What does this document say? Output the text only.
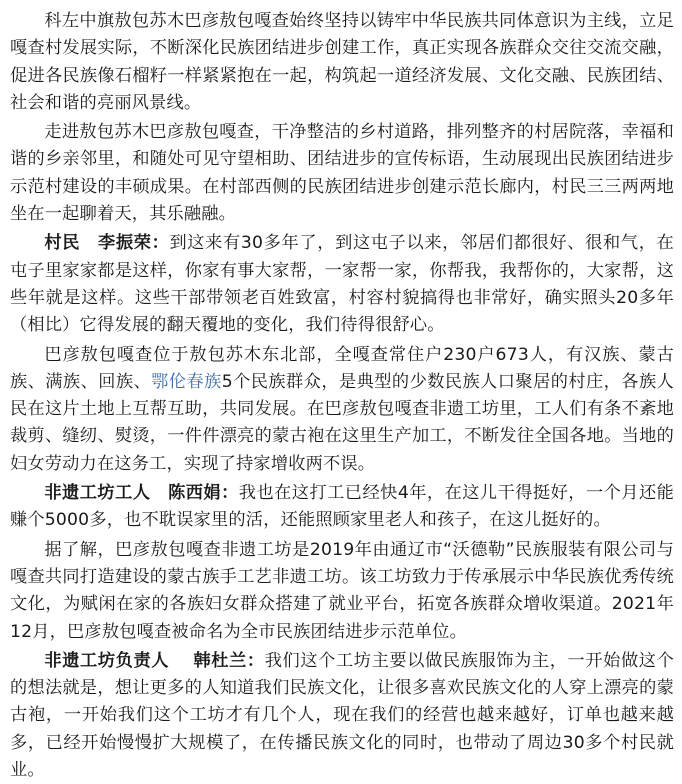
科左中旗敖包苏木巴彦敖包嘎查始终坚持以铸牢中华民族共同体意识为主线，立足嘎查村发展实际，不断深化民族团结进步创建工作，真正实现各族群众交往交流交融，促进各民族像石榴籽一样紧紧抱在一起，构筑起一道经济发展、文化交融、民族团结、社会和谐的亮丽风景线。

走进敖包苏木巴彦敖包嘎查，干净整洁的乡村道路，排列整齐的村居院落，幸福和谐的乡亲邻里，和随处可见守望相助、团结进步的宣传标语，生动展现出民族团结进步示范村建设的丰硕成果。在村部西侧的民族团结进步创建示范长廊内，村民三三两两地坐在一起聊着天，其乐融融。

村民　李振荣：到这来有30多年了，到这屯子以来，邻居们都很好、很和气，在屯子里家家都是这样，你家有事大家帮，一家帮一家，你帮我，我帮你的，大家帮，这些年就是这样。这些干部带领老百姓致富，村容村貌搞得也非常好，确实照头20多年（相比）它得发展的翻天覆地的变化，我们待得很舒心。

巴彦敖包嘎查位于敖包苏木东北部，全嘎查常住户230户673人，有汉族、蒙古族、满族、回族、鄂伦春族5个民族群众，是典型的少数民族人口聚居的村庄，各族人民在这片土地上互帮互助，共同发展。在巴彦敖包嘎查非遗工坊里，工人们有条不紊地裁剪、缝纫、熨烫，一件件漂亮的蒙古袍在这里生产加工，不断发往全国各地。当地的妇女劳动力在这务工，实现了持家增收两不误。

非遗工坊工人　陈西娟：我也在这打工已经快4年，在这儿干得挺好，一个月还能赚个5000多，也不耽误家里的活，还能照顾家里老人和孩子，在这儿挺好的。

据了解，巴彦敖包嘎查非遗工坊是2019年由通辽市“沃德勒”民族服装有限公司与嘎查共同打造建设的蒙古族手工艺非遗工坊。该工坊致力于传承展示中华民族优秀传统文化，为赋闲在家的各族妇女群众搭建了就业平台，拓宽各族群众增收渠道。2021年12月，巴彦敖包嘎查被命名为全市民族团结进步示范单位。

非遗工坊负责人　 韩杜兰：我们这个工坊主要以做民族服饰为主，一开始做这个的想法就是，想让更多的人知道我们民族文化，让很多喜欢民族文化的人穿上漂亮的蒙古袍，一开始我们这个工坊才有几个人，现在我们的经营也越来越好，订单也越来越多，已经开始慢慢扩大规模了，在传播民族文化的同时，也带动了周边30多个村民就业。
